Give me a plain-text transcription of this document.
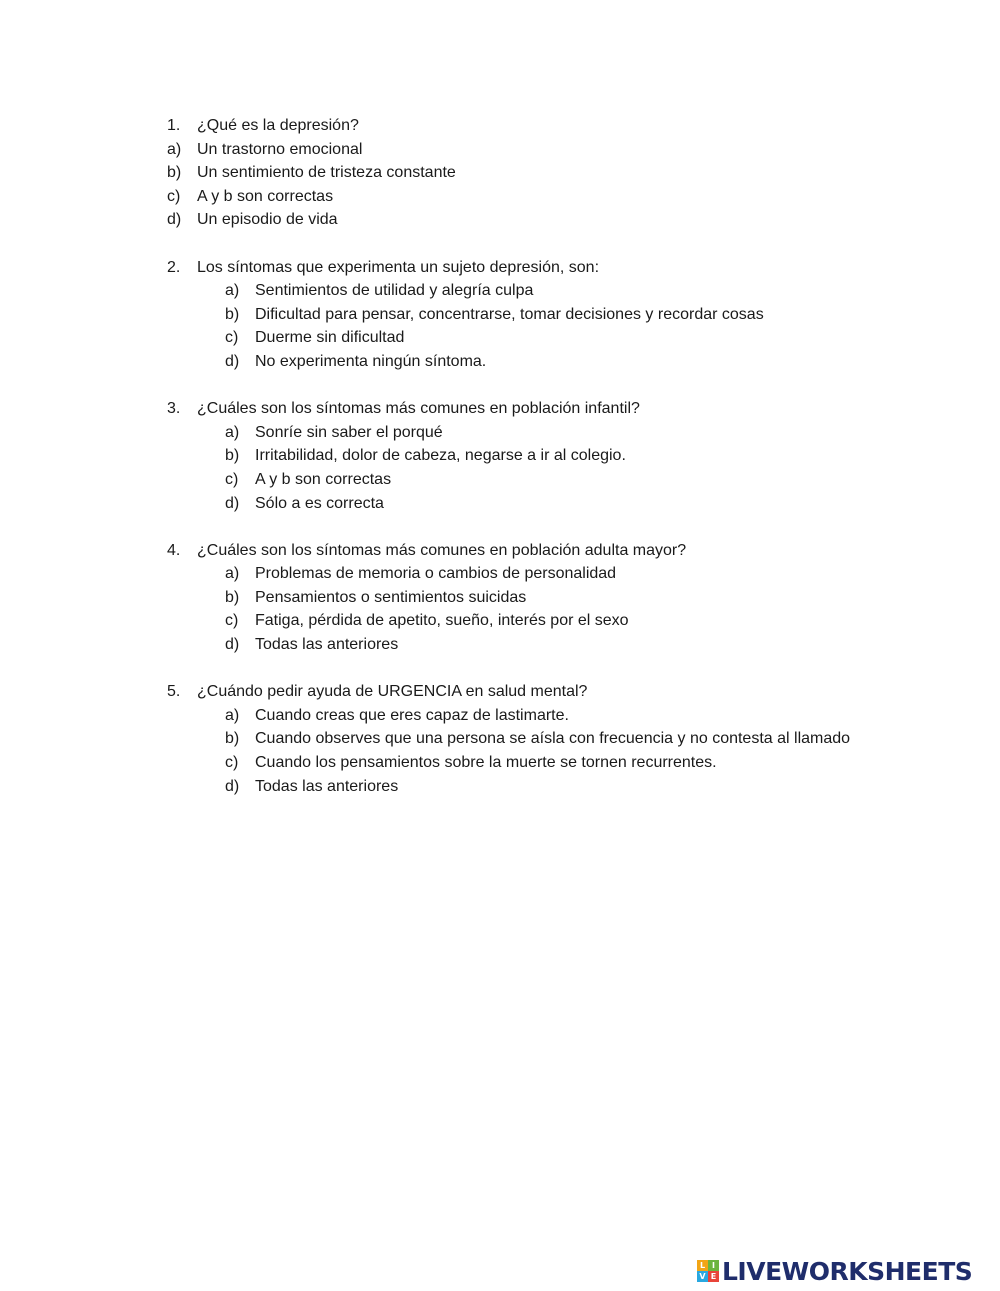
1.	¿Qué es la depresión?
a) Un trastorno emocional
b) Un sentimiento de tristeza constante
c)	A y b son correctas
d) Un episodio de vida
2.	Los síntomas que experimenta un sujeto depresión, son:
a) Sentimientos de utilidad y alegría culpa
b) Dificultad para pensar, concentrarse, tomar decisiones y recordar cosas
c)	Duerme sin dificultad
d) No experimenta ningún síntoma.
3.	¿Cuáles son los síntomas más comunes en población infantil?
a) Sonríe sin saber el porqué
b) Irritabilidad, dolor de cabeza, negarse a ir al colegio.
c)	A y b son correctas
d) Sólo a es correcta
4.	¿Cuáles son los síntomas más comunes en población adulta mayor?
a) Problemas de memoria o cambios de personalidad
b) Pensamientos o sentimientos suicidas
c)	Fatiga, pérdida de apetito, sueño, interés por el sexo
d) Todas las anteriores
5.	¿Cuándo pedir ayuda de URGENCIA en salud mental?
a) Cuando creas que eres capaz de lastimarte.
b) Cuando observes que una persona se aísla con frecuencia y no contesta al llamado
c)	Cuando los pensamientos sobre la muerte se tornen recurrentes.
d) Todas las anteriores
L I
V E LIVEWORKSHEETS
